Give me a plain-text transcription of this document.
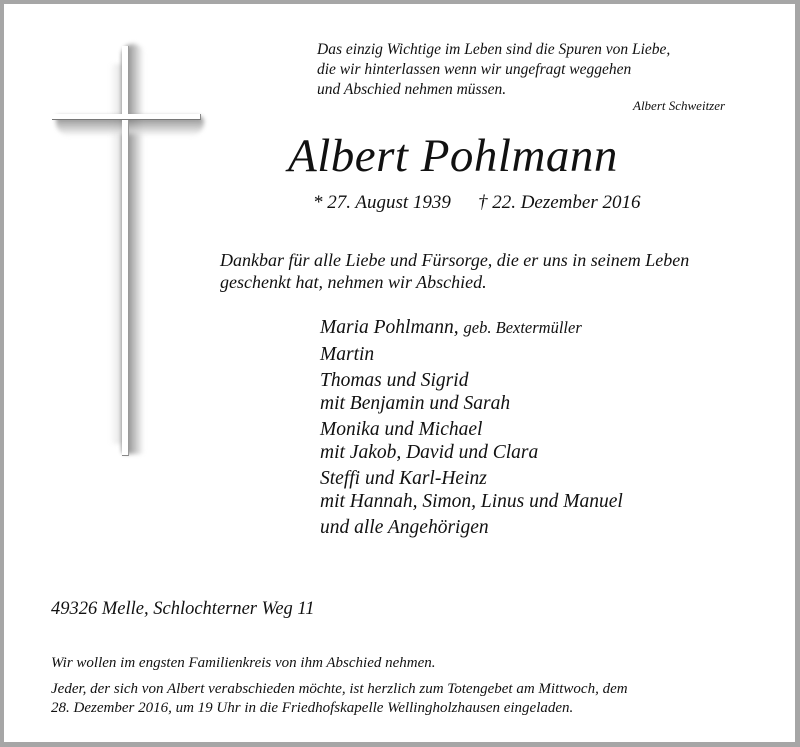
Das einzig Wichtige im Leben sind die Spuren von Liebe,
die wir hinterlassen wenn wir ungefragt weggehen
und Abschied nehmen müssen.
Albert Schweitzer
Albert Pohlmann
* 27. August 1939 † 22. Dezember 2016
Dankbar für alle Liebe und Fürsorge, die er uns in seinem Leben
geschenkt hat, nehmen wir Abschied.
Maria Pohlmann, geb. Bextermüller
Martin
Thomas und Sigrid
mit Benjamin und Sarah
Monika und Michael
mit Jakob, David und Clara
Steffi und Karl-Heinz
mit Hannah, Simon, Linus und Manuel
und alle Angehörigen
49326 Melle, Schlochterner Weg 11
Wir wollen im engsten Familienkreis von ihm Abschied nehmen.
Jeder, der sich von Albert verabschieden möchte, ist herzlich zum Totengebet am Mittwoch, dem
28. Dezember 2016, um 19 Uhr in die Friedhofskapelle Wellingholzhausen eingeladen.
